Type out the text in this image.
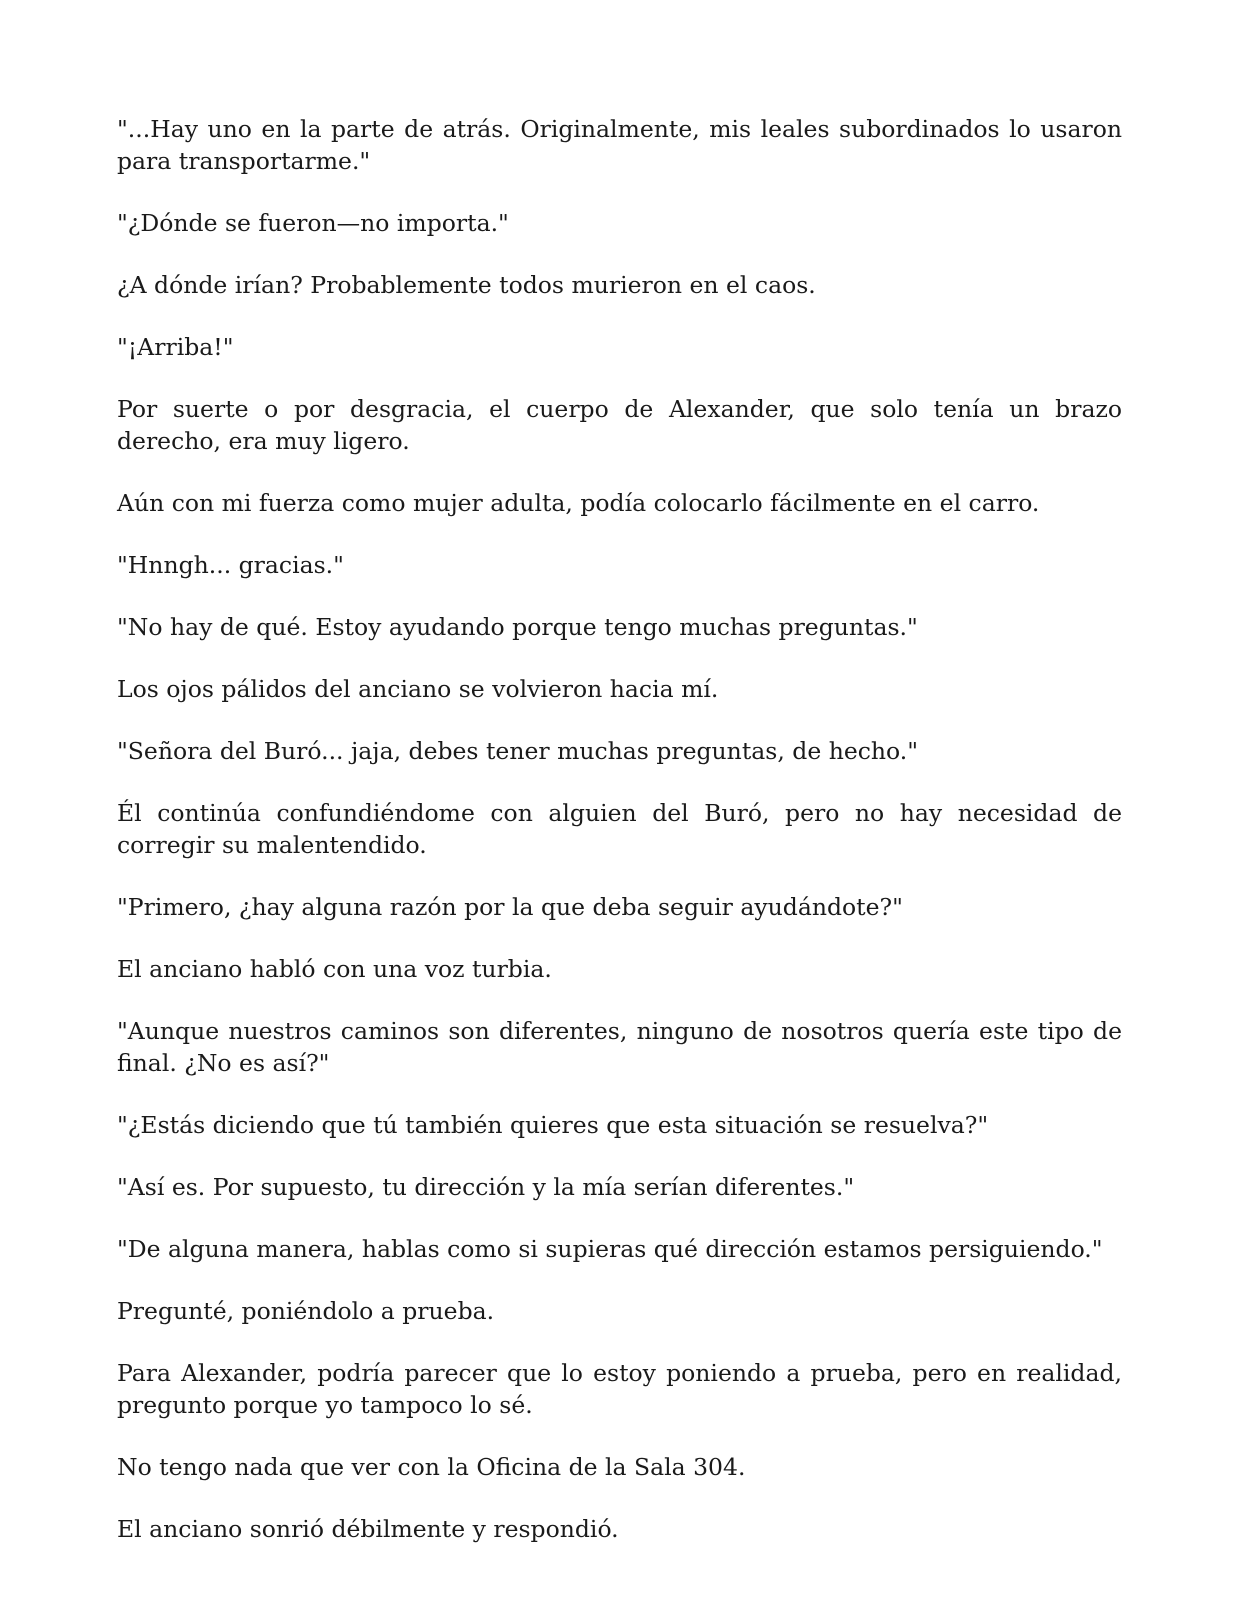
"...Hay uno en la parte de atrás. Originalmente, mis leales subordinados lo usaron para transportarme."

"¿Dónde se fueron—no importa."

¿A dónde irían? Probablemente todos murieron en el caos.

"¡Arriba!"

Por suerte o por desgracia, el cuerpo de Alexander, que solo tenía un brazo derecho, era muy ligero.

Aún con mi fuerza como mujer adulta, podía colocarlo fácilmente en el carro.

"Hnngh... gracias."

"No hay de qué. Estoy ayudando porque tengo muchas preguntas."

Los ojos pálidos del anciano se volvieron hacia mí.

"Señora del Buró... jaja, debes tener muchas preguntas, de hecho."

Él continúa confundiéndome con alguien del Buró, pero no hay necesidad de corregir su malentendido.

"Primero, ¿hay alguna razón por la que deba seguir ayudándote?"

El anciano habló con una voz turbia.

"Aunque nuestros caminos son diferentes, ninguno de nosotros quería este tipo de final. ¿No es así?"

"¿Estás diciendo que tú también quieres que esta situación se resuelva?"

"Así es. Por supuesto, tu dirección y la mía serían diferentes."

"De alguna manera, hablas como si supieras qué dirección estamos persiguiendo."

Pregunté, poniéndolo a prueba.

Para Alexander, podría parecer que lo estoy poniendo a prueba, pero en realidad, pregunto porque yo tampoco lo sé.

No tengo nada que ver con la Oficina de la Sala 304.

El anciano sonrió débilmente y respondió.
